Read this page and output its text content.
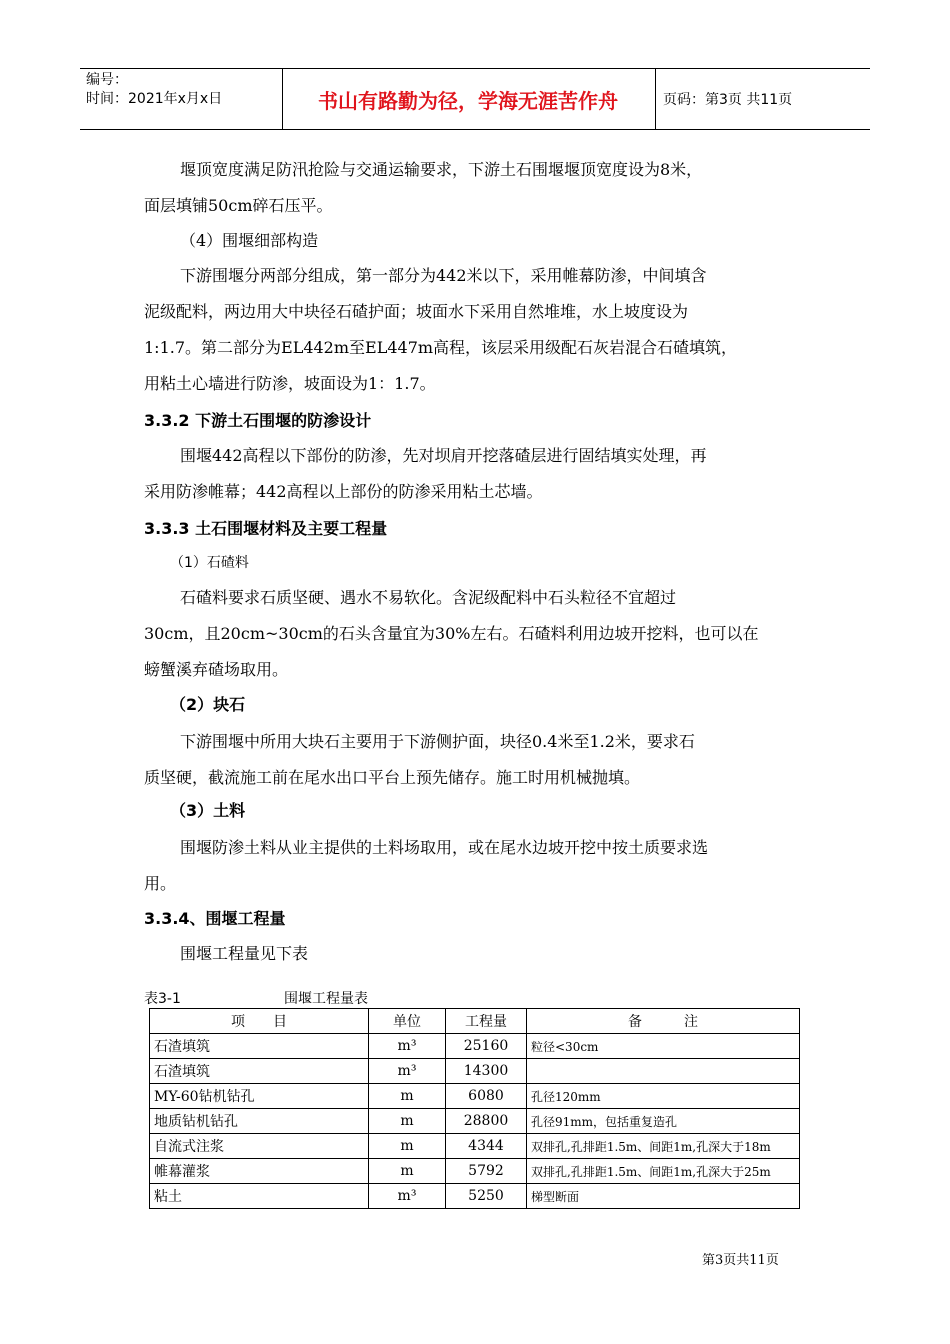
编号：
时间：2021年x月x日	书山有路勤为径，学海无涯苦作舟	页码：第3页 共11页
堰顶宽度满足防汛抢险与交通运输要求，下游土石围堰堰顶宽度设为8米，
面层填铺50cm碎石压平。
（4）围堰细部构造
下游围堰分两部分组成，第一部分为442米以下，采用帷幕防渗，中间填含
泥级配料，两边用大中块径石碴护面；坡面水下采用自然堆堆，水上坡度设为
1:1.7。第二部分为EL442m至EL447m高程，该层采用级配石灰岩混合石碴填筑，
用粘土心墙进行防渗，坡面设为1：1.7。
3.3.2 下游土石围堰的防渗设计
围堰442高程以下部份的防渗，先对坝肩开挖落碴层进行固结填实处理，再
采用防渗帷幕；442高程以上部份的防渗采用粘土芯墙。
3.3.3 土石围堰材料及主要工程量
（1）石碴料
石碴料要求石质坚硬、遇水不易软化。含泥级配料中石头粒径不宜超过
30cm，且20cm~30cm的石头含量宜为30%左右。石碴料利用边坡开挖料，也可以在
螃蟹溪弃碴场取用。
（2）块石
下游围堰中所用大块石主要用于下游侧护面，块径0.4米至1.2米，要求石
质坚硬，截流施工前在尾水出口平台上预先储存。施工时用机械抛填。
（3）土料
围堰防渗土料从业主提供的土料场取用，或在尾水边坡开挖中按土质要求选
用。
3.3.4、围堰工程量
围堰工程量见下表
表3-1	围堰工程量表
项　　目	单位	工程量	备　　　注
石渣填筑	m³	25160	粒径<30cm
石渣填筑	m³	14300	
MY-60钻机钻孔	m	6080	孔径120mm
地质钻机钻孔	m	28800	孔径91mm，包括重复造孔
自流式注浆	m	4344	双排孔,孔排距1.5m、间距1m,孔深大于18m
帷幕灌浆	m	5792	双排孔,孔排距1.5m、间距1m,孔深大于25m
粘土	m³	5250	梯型断面
第3页共11页
